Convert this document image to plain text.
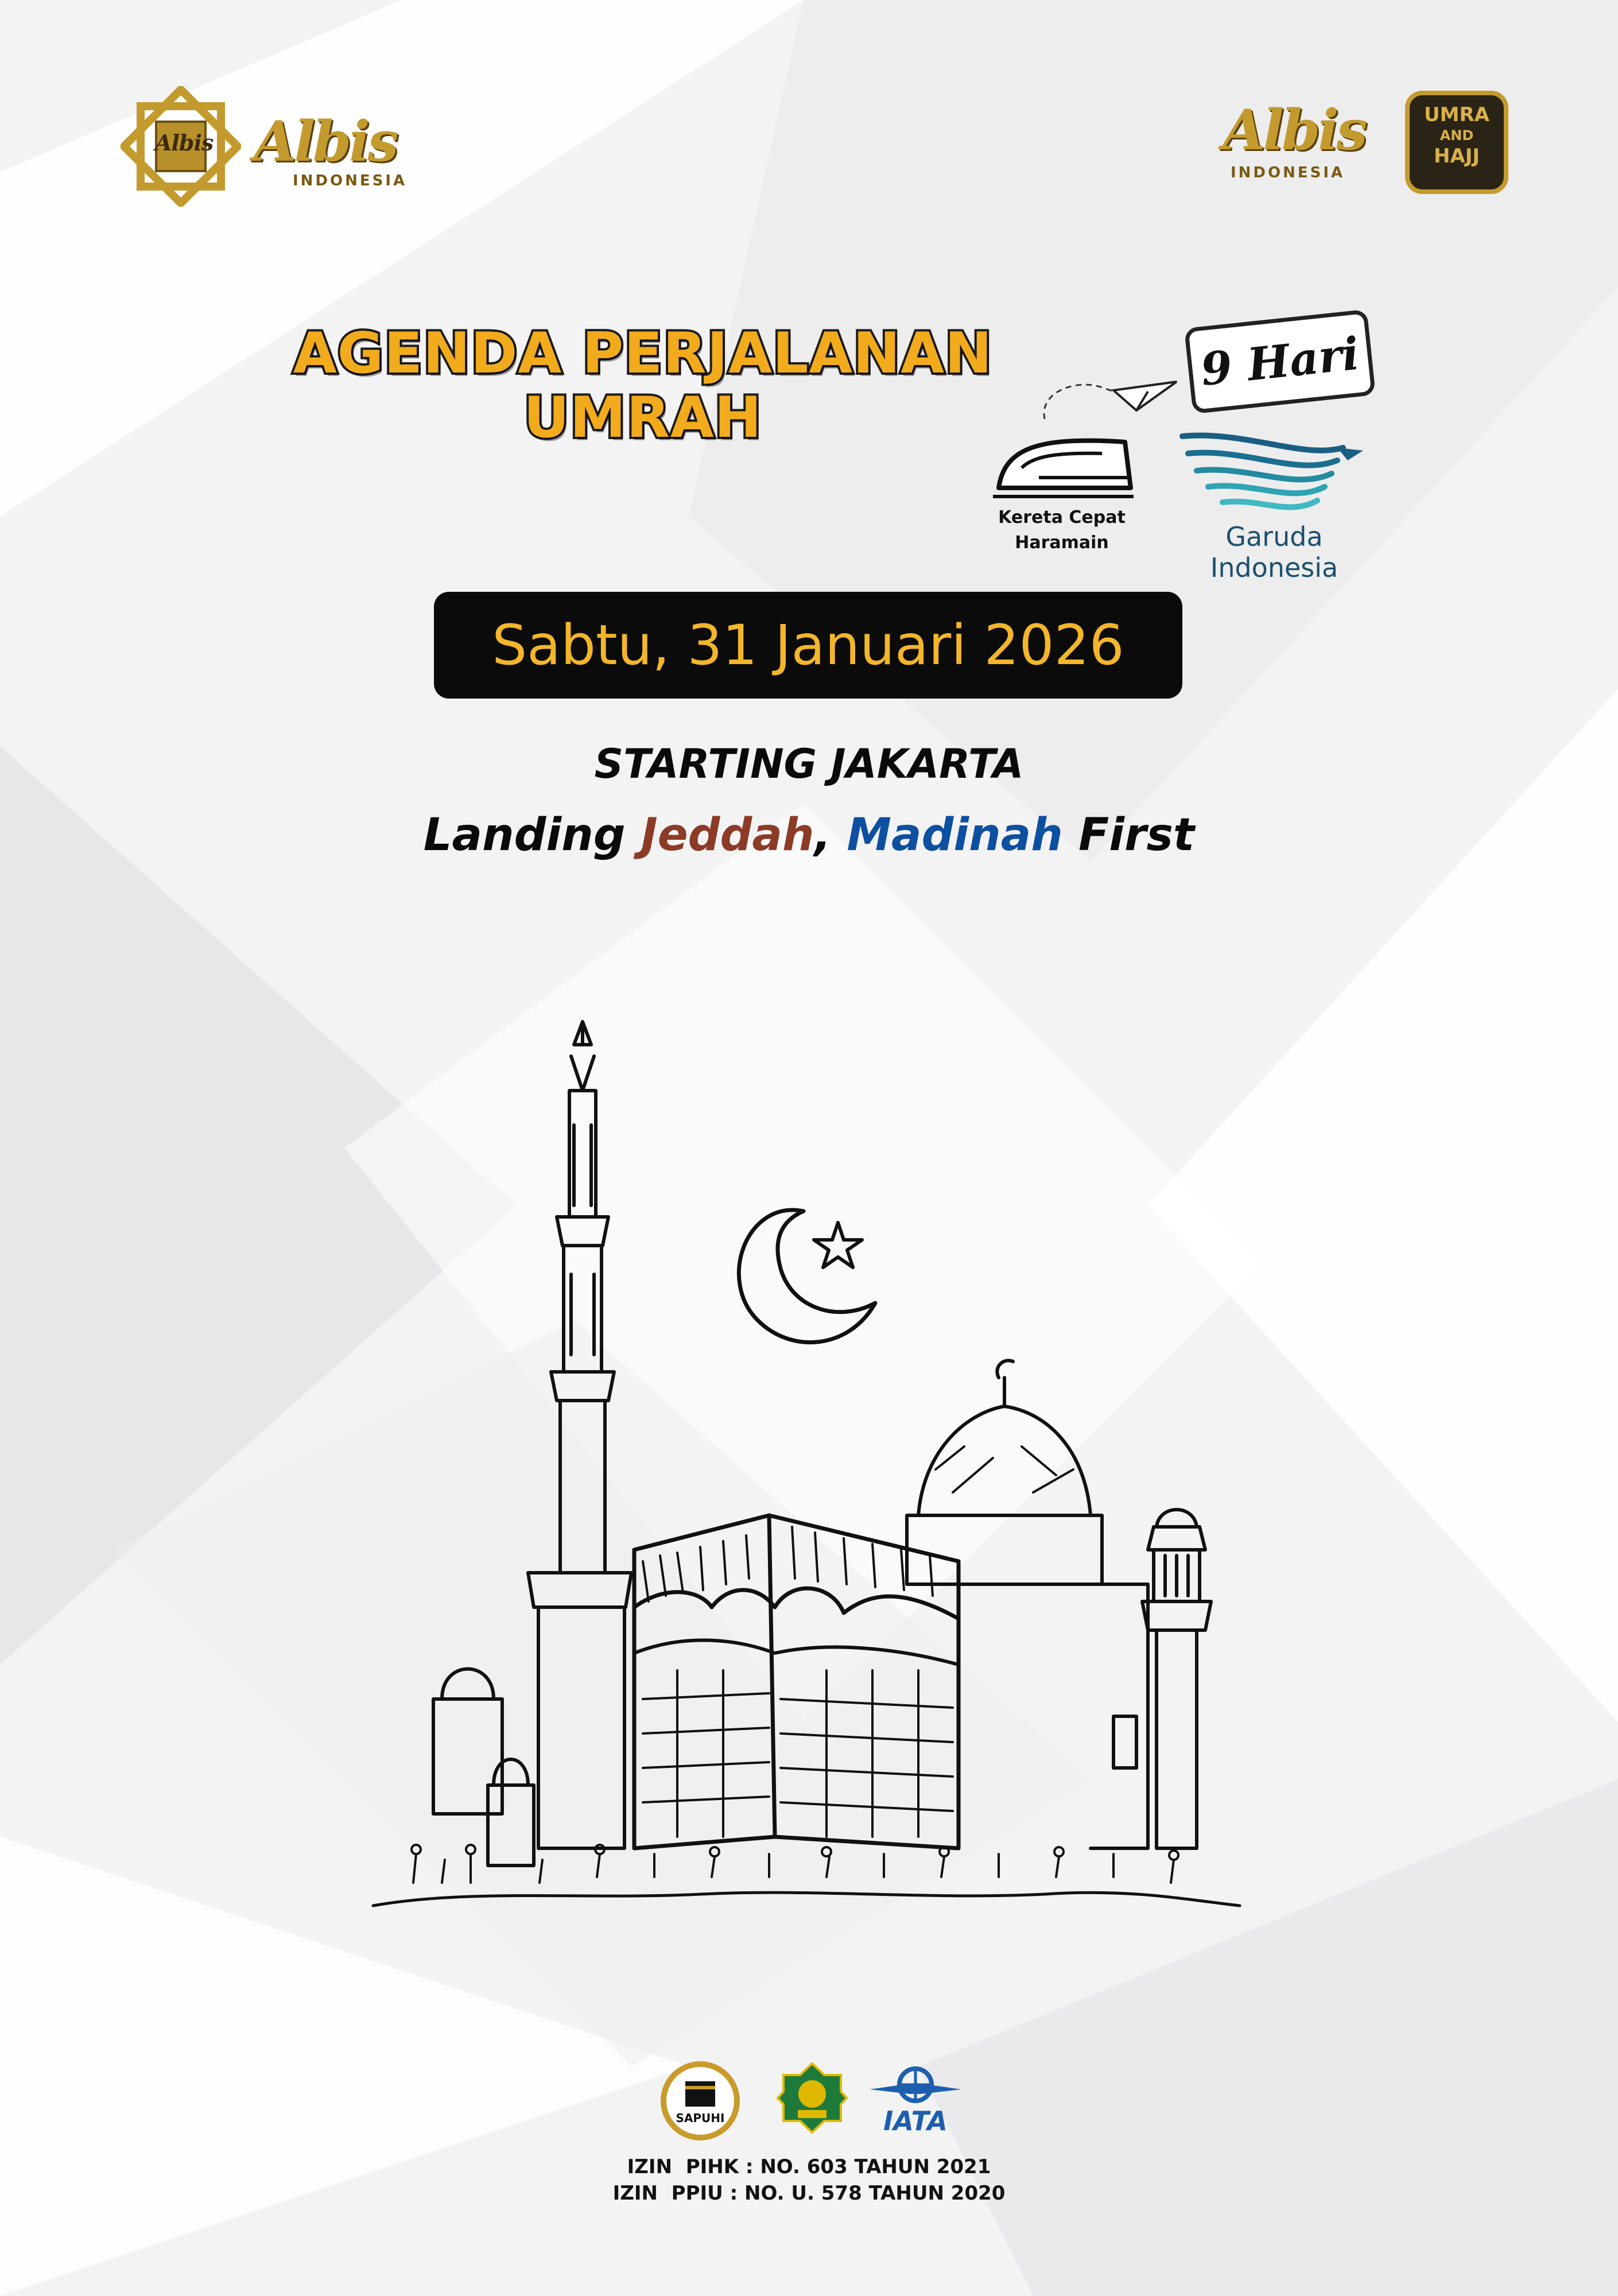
Albis Albis
INDONESIA
Albis
INDONESIA
UMRA
AND
HAJJ
AGENDA PERJALANAN
UMRAH
9 Hari
Kereta Cepat
Haramain	Garuda Indonesia
Sabtu, 31 Januari 2026
STARTING JAKARTA
Landing Jeddah, Madinah First
SAPUHI	IATA
IZIN  PIHK : NO. 603 TAHUN 2021
IZIN  PPIU : NO. U. 578 TAHUN 2020
